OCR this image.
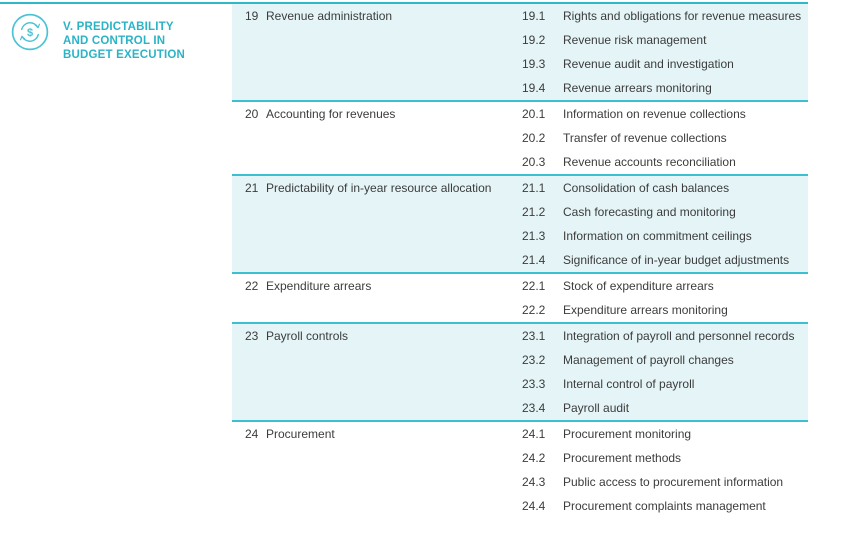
$	V. PREDICTABILITY AND CONTROL IN BUDGET EXECUTION
19 Revenue administration	19.1	Rights and obligations for revenue measures
19.2	Revenue risk management
19.3	Revenue audit and investigation
19.4	Revenue arrears monitoring
20 Accounting for revenues	20.1	Information on revenue collections
20.2	Transfer of revenue collections
20.3	Revenue accounts reconciliation
21 Predictability of in-year resource allocation	21.1	Consolidation of cash balances
21.2	Cash forecasting and monitoring
21.3	Information on commitment ceilings
21.4	Significance of in-year budget adjustments
22 Expenditure arrears	22.1	Stock of expenditure arrears
22.2	Expenditure arrears monitoring
23 Payroll controls	23.1	Integration of payroll and personnel records
23.2	Management of payroll changes
23.3	Internal control of payroll
23.4	Payroll audit
24 Procurement	24.1	Procurement monitoring
24.2	Procurement methods
24.3	Public access to procurement information
24.4	Procurement complaints management
